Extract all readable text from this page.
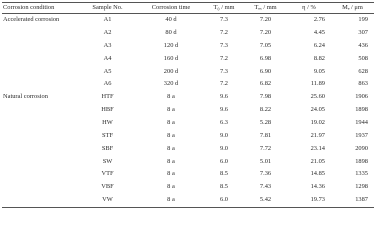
Corrosion condition	Sample No.	Corrosion time	T₀ / mm	Tₑₓ / mm	η / %	Mₑ / μm
Accelerated corrosion	A1	40 d	7.3	7.20	2.76	199
	A2	80 d	7.2	7.20	4.45	307
	A3	120 d	7.3	7.05	6.24	436
	A4	160 d	7.2	6.98	8.82	508
	A5	200 d	7.3	6.90	9.05	628
	A6	320 d	7.2	6.82	11.89	863
Natural corrosion	HTF	8 a	9.6	7.98	25.60	1906
	HBF	8 a	9.6	8.22	24.05	1898
	HW	8 a	6.3	5.28	19.02	1944
	STF	8 a	9.0	7.81	21.97	1937
	SBF	8 a	9.0	7.72	23.14	2090
	SW	8 a	6.0	5.01	21.05	1898
	VTF	8 a	8.5	7.36	14.85	1335
	VBF	8 a	8.5	7.43	14.36	1298
	VW	8 a	6.0	5.42	19.73	1387
